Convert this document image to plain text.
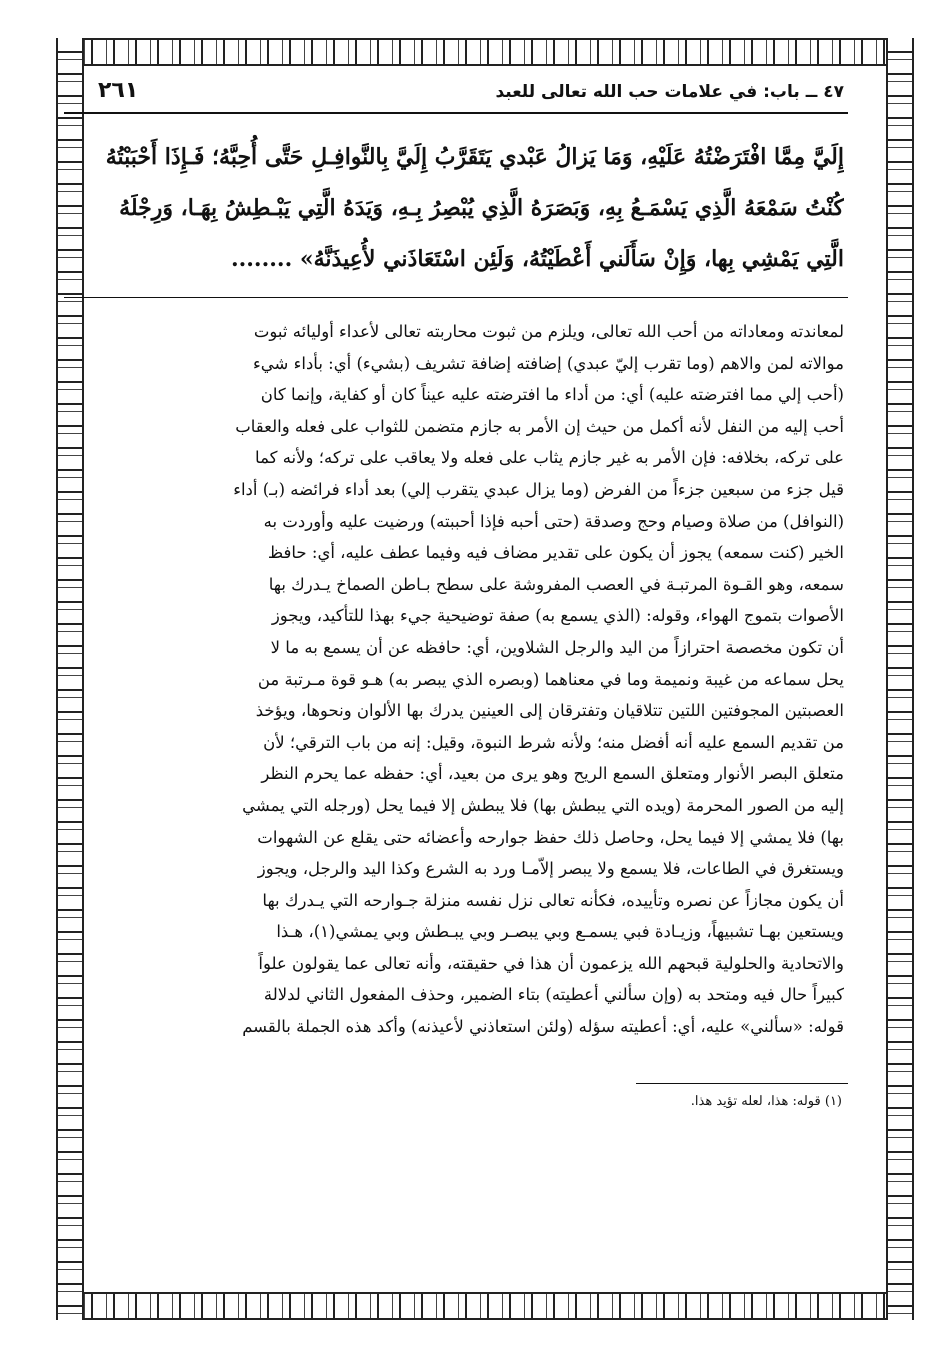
٤٧ ــ باب: في علامات حب الله تعالى للعبد
٢٦١
إِلَيَّ مِمَّا افْتَرَضْتُهُ عَلَيْهِ، وَمَا يَزالُ عَبْدي يَتَقَرَّبُ إِلَيَّ بِالنَّوافِـلِ حَتَّى أُحِبَّهُ؛ فَـإِذَا أَحْبَبْتُهُ
كُنْتُ سَمْعَهُ الَّذِي يَسْمَـعُ بِهِ، وَبَصَرَهُ الَّذِي يُبْصِرُ بِـهِ، وَيَدَهُ الَّتِي يَبْـطِشُ بِهَـا، وَرِجْلَهُ
الَّتِي يَمْشِي بِها، وَإِنْ سَأَلَني أَعْطَيْتُهُ، وَلَئِن اسْتَعَاذَني لأُعِيذَنَّهُ» ........
لمعاندته ومعاداته من أحب الله تعالى، ويلزم من ثبوت محاربته تعالى لأعداء أوليائه ثبوت
موالاته لمن والاهم (وما تقرب إليّ عبدي) إضافته إضافة تشريف (بشيء) أي: بأداء شيء
(أحب إلي مما افترضته عليه) أي: من أداء ما افترضته عليه عيناً كان أو كفاية، وإنما كان
أحب إليه من النفل لأنه أكمل من حيث إن الأمر به جازم متضمن للثواب على فعله والعقاب
على تركه، بخلافه: فإن الأمر به غير جازم يثاب على فعله ولا يعاقب على تركه؛ ولأنه كما
قيل جزء من سبعين جزءاً من الفرض (وما يزال عبدي يتقرب إلي) بعد أداء فرائضه (بـ) أداء
(النوافل) من صلاة وصيام وحج وصدقة (حتى أحبه فإذا أحببته) ورضيت عليه وأوردت به
الخير (كنت سمعه) يجوز أن يكون على تقدير مضاف فيه وفيما عطف عليه، أي: حافظ
سمعه، وهو القـوة المرتبـة في العصب المفروشة على سطح بـاطن الصماخ يـدرك بها
الأصوات بتموج الهواء، وقوله: (الذي يسمع به) صفة توضيحية جيء بهذا للتأكيد، ويجوز
أن تكون مخصصة احترازاً من اليد والرجل الشلاوين، أي: حافظه عن أن يسمع به ما لا
يحل سماعه من غيبة ونميمة وما في معناهما (وبصره الذي يبصر به) هـو قوة مـرتبة من
العصبتين المجوفتين اللتين تتلاقيان وتفترقان إلى العينين يدرك بها الألوان ونحوها، ويؤخذ
من تقديم السمع عليه أنه أفضل منه؛ ولأنه شرط النبوة، وقيل: إنه من باب الترقي؛ لأن
متعلق البصر الأنوار ومتعلق السمع الريح وهو يرى من بعيد، أي: حفظه عما يحرم النظر
إليه من الصور المحرمة (ويده التي يبطش بها) فلا يبطش إلا فيما يحل (ورجله التي يمشي
بها) فلا يمشي إلا فيما يحل، وحاصل ذلك حفظ جوارحه وأعضائه حتى يقلع عن الشهوات
ويستغرق في الطاعات، فلا يسمع ولا يبصر إلاّمـا ورد به الشرع وكذا اليد والرجل، ويجوز
أن يكون مجازاً عن نصره وتأييده، فكأنه تعالى نزل نفسه منزلة جـوارحه التي يـدرك بها
ويستعين بهـا تشبيهاً، وزيـادة فبي يسمـع وبي يبصـر وبي يبـطش وبي يمشي(١)، هـذا
والاتحادية والحلولية قبحهم الله يزعمون أن هذا في حقيقته، وأنه تعالى عما يقولون علواً
كبيراً حال فيه ومتحد به (وإن سألني أعطيته) بتاء الضمير، وحذف المفعول الثاني لدلالة
قوله: «سألني» عليه، أي: أعطيته سؤله (ولئن استعاذني لأعيذنه) وأكد هذه الجملة بالقسم
(١) قوله: هذا، لعله تؤيد هذا.
